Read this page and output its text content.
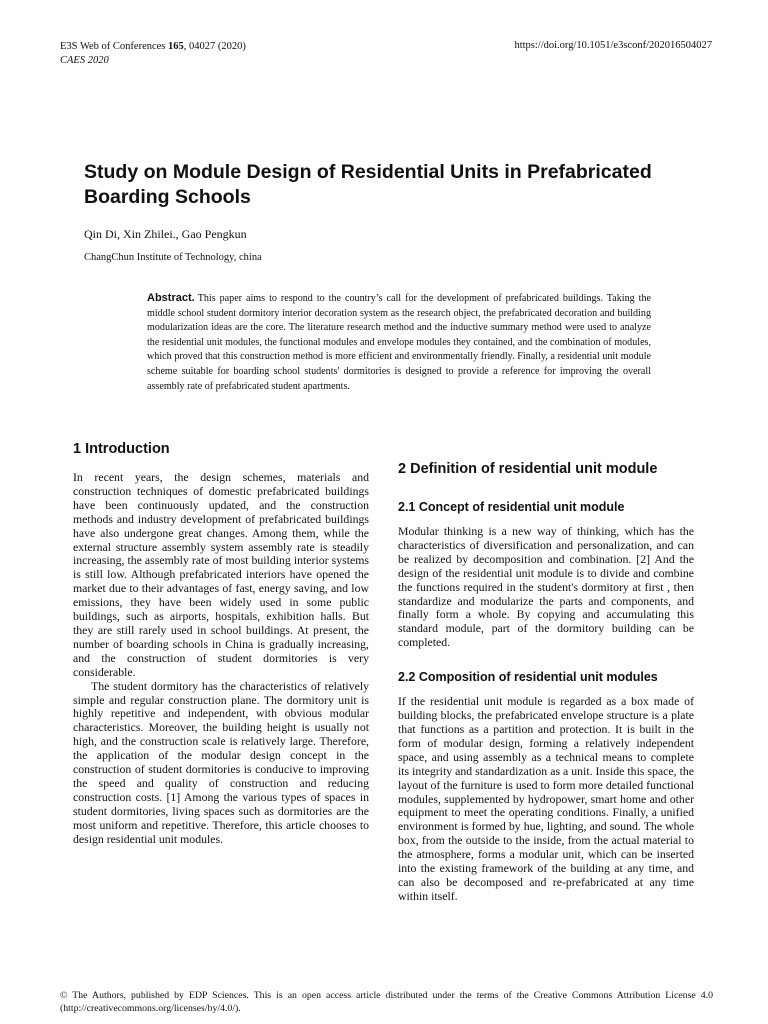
E3S Web of Conferences 165, 04027 (2020)
CAES 2020
https://doi.org/10.1051/e3sconf/202016504027
Study on Module Design of Residential Units in Prefabricated Boarding Schools
Qin Di, Xin Zhilei., Gao Pengkun
ChangChun Institute of Technology, china
Abstract. This paper aims to respond to the country’s call for the development of prefabricated buildings. Taking the middle school student dormitory interior decoration system as the research object, the prefabricated decoration and building modularization ideas are the core. The literature research method and the inductive summary method were used to analyze the residential unit modules, the functional modules and envelope modules they contained, and the combination of modules, which proved that this construction method is more efficient and environmentally friendly. Finally, a residential unit module scheme suitable for boarding school students' dormitories is designed to provide a reference for improving the overall assembly rate of prefabricated student apartments.
1 Introduction

In recent years, the design schemes, materials and construction techniques of domestic prefabricated buildings have been continuously updated, and the construction methods and industry development of prefabricated buildings have also undergone great changes. Among them, while the external structure assembly system assembly rate is steadily increasing, the assembly rate of most building interior systems is still low. Although prefabricated interiors have opened the market due to their advantages of fast, energy saving, and low emissions, they have been widely used in some public buildings, such as airports, hospitals, exhibition halls. But they are still rarely used in school buildings. At present, the number of boarding schools in China is gradually increasing, and the construction of student dormitories is very considerable.

The student dormitory has the characteristics of relatively simple and regular construction plane. The dormitory unit is highly repetitive and independent, with obvious modular characteristics. Moreover, the building height is usually not high, and the construction scale is relatively large. Therefore, the application of the modular design concept in the construction of student dormitories is conducive to improving the speed and quality of construction and reducing construction costs. [1] Among the various types of spaces in student dormitories, living spaces such as dormitories are the most uniform and repetitive. Therefore, this article chooses to design residential unit modules.

2 Definition of residential unit module
2.1 Concept of residential unit module

Modular thinking is a new way of thinking, which has the characteristics of diversification and personalization, and can be realized by decomposition and combination. [2] And the design of the residential unit module is to divide and combine the functions required in the student's dormitory at first , then standardize and modularize the parts and components, and finally form a whole. By copying and accumulating this standard module, part of the dormitory building can be completed.

2.2 Composition of residential unit modules

If the residential unit module is regarded as a box made of building blocks, the prefabricated envelope structure is a plate that functions as a partition and protection. It is built in the form of modular design, forming a relatively independent space, and using assembly as a technical means to complete its integrity and standardization as a unit. Inside this space, the layout of the furniture is used to form more detailed functional modules, supplemented by hydropower, smart home and other equipment to meet the operating conditions. Finally, a unified environment is formed by hue, lighting, and sound. The whole box, from the outside to the inside, from the actual material to the atmosphere, forms a modular unit, which can be inserted into the existing framework of the building at any time, and can also be decomposed and re-prefabricated at any time within itself.

© The Authors, published by EDP Sciences. This is an open access article distributed under the terms of the Creative Commons Attribution License 4.0 (http://creativecommons.org/licenses/by/4.0/).
